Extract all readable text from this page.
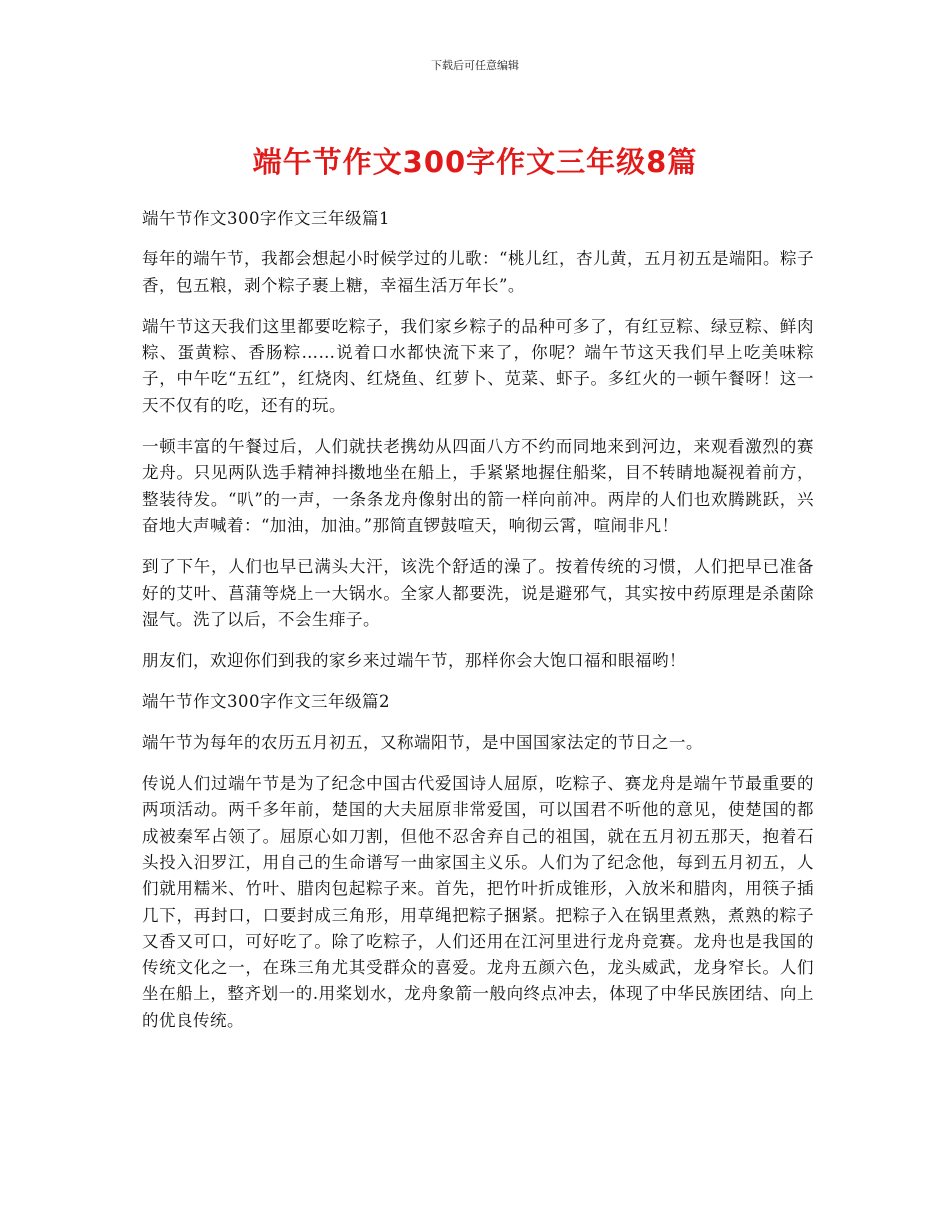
下载后可任意编辑
端午节作文300字作文三年级8篇

端午节作文300字作文三年级篇1

每年的端午节，我都会想起小时候学过的儿歌：“桃儿红，杏儿黄，五月初五是端阳。粽子香，包五粮，剥个粽子裹上糖，幸福生活万年长”。

端午节这天我们这里都要吃粽子，我们家乡粽子的品种可多了，有红豆粽、绿豆粽、鲜肉粽、蛋黄粽、香肠粽……说着口水都快流下来了，你呢？端午节这天我们早上吃美味粽子，中午吃“五红”，红烧肉、红烧鱼、红萝卜、苋菜、虾子。多红火的一顿午餐呀！这一天不仅有的吃，还有的玩。

一顿丰富的午餐过后，人们就扶老携幼从四面八方不约而同地来到河边，来观看激烈的赛龙舟。只见两队选手精神抖擞地坐在船上，手紧紧地握住船桨，目不转睛地凝视着前方，整装待发。“叭”的一声，一条条龙舟像射出的箭一样向前冲。两岸的人们也欢腾跳跃，兴奋地大声喊着：“加油，加油。”那简直锣鼓喧天，响彻云霄，喧闹非凡！

到了下午，人们也早已满头大汗，该洗个舒适的澡了。按着传统的习惯，人们把早已准备好的艾叶、菖蒲等烧上一大锅水。全家人都要洗，说是避邪气，其实按中药原理是杀菌除湿气。洗了以后，不会生痱子。

朋友们，欢迎你们到我的家乡来过端午节，那样你会大饱口福和眼福哟！

端午节作文300字作文三年级篇2

端午节为每年的农历五月初五，又称端阳节，是中国国家法定的节日之一。

传说人们过端午节是为了纪念中国古代爱国诗人屈原，吃粽子、赛龙舟是端午节最重要的两项活动。两千多年前，楚国的大夫屈原非常爱国，可以国君不听他的意见，使楚国的都成被秦军占领了。屈原心如刀割，但他不忍舍弃自己的祖国，就在五月初五那天，抱着石头投入汨罗江，用自己的生命谱写一曲家国主义乐。人们为了纪念他，每到五月初五，人们就用糯米、竹叶、腊肉包起粽子来。首先，把竹叶折成锥形，入放米和腊肉，用筷子插几下，再封口，口要封成三角形，用草绳把粽子捆紧。把粽子入在锅里煮熟，煮熟的粽子又香又可口，可好吃了。除了吃粽子，人们还用在江河里进行龙舟竞赛。龙舟也是我国的传统文化之一，在珠三角尤其受群众的喜爱。龙舟五颜六色，龙头威武，龙身窄长。人们坐在船上，整齐划一的.用桨划水，龙舟象箭一般向终点冲去，体现了中华民族团结、向上的优良传统。
